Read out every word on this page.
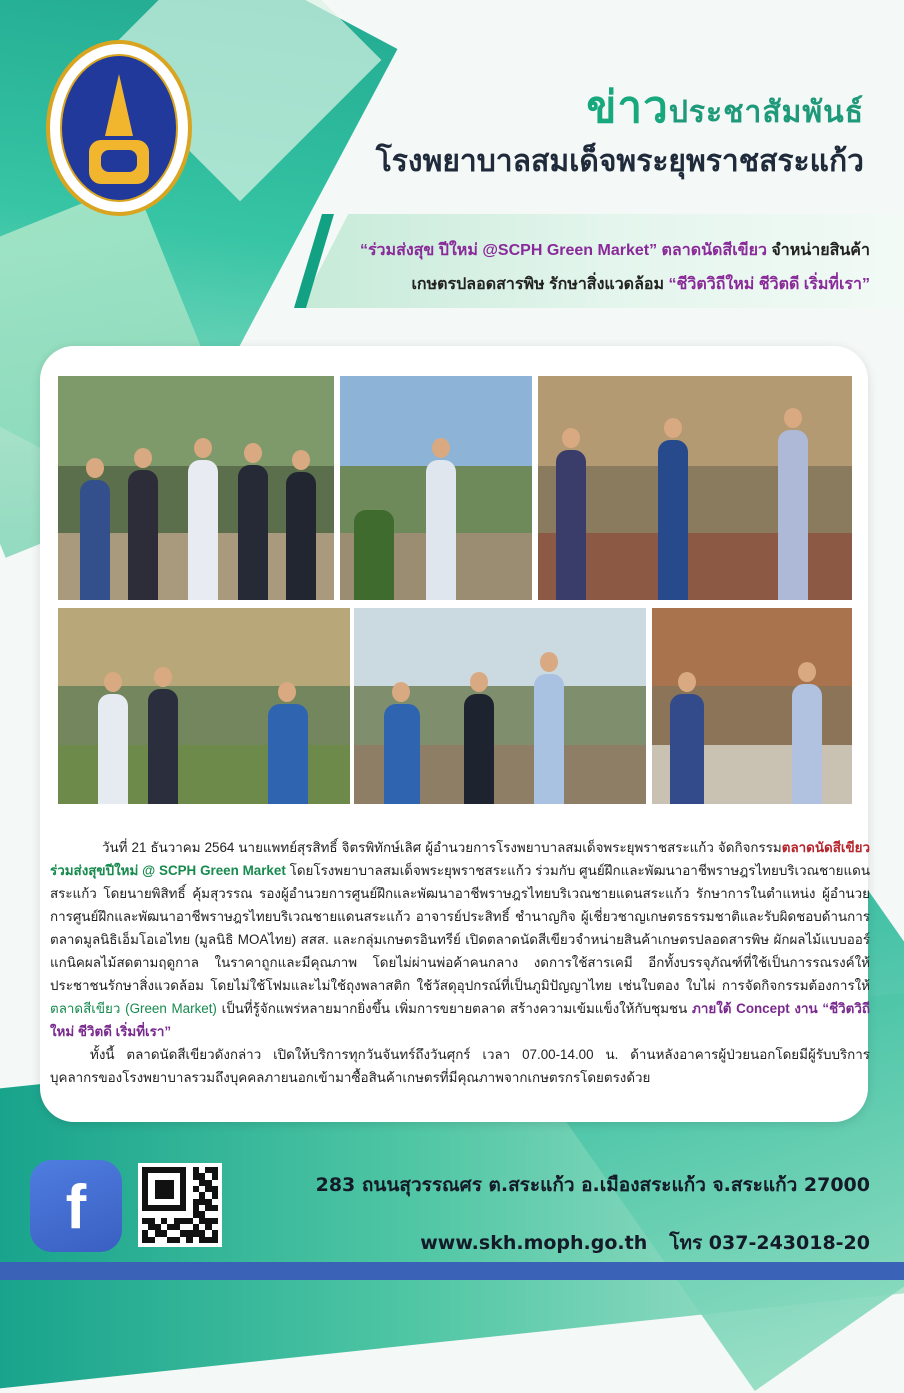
ข่าวประชาสัมพันธ์
โรงพยาบาลสมเด็จพระยุพราชสระแก้ว
“ร่วมส่งสุข ปีใหม่ @SCPH Green Market” ตลาดนัดสีเขียว จำหน่ายสินค้า
เกษตรปลอดสารพิษ รักษาสิ่งแวดล้อม “ชีวิตวิถีใหม่ ชีวิตดี เริ่มที่เรา”

วันที่ 21 ธันวาคม 2564 นายแพทย์สุรสิทธิ์ จิตรพิทักษ์เลิศ ผู้อำนวยการโรงพยาบาลสมเด็จพระยุพราชสระแก้ว จัดกิจกรรมตลาดนัดสีเขียว ร่วมส่งสุขปีใหม่ @ SCPH Green Market โดยโรงพยาบาลสมเด็จพระยุพราชสระแก้ว ร่วมกับ ศูนย์ฝึกและพัฒนาอาชีพราษฎรไทยบริเวณชายแดนสระแก้ว โดยนายพิสิทธิ์ คุ้มสุวรรณ รองผู้อำนวยการศูนย์ฝึกและพัฒนาอาชีพราษฎรไทยบริเวณชายแดนสระแก้ว รักษาการในตำแหน่ง ผู้อำนวยการศูนย์ฝึกและพัฒนาอาชีพราษฎรไทยบริเวณชายแดนสระแก้ว อาจารย์ประสิทธิ์ ชำนาญกิจ ผู้เชี่ยวชาญเกษตรธรรมชาติและรับผิดชอบด้านการตลาดมูลนิธิเอ็มโอเอไทย (มูลนิธิ MOAไทย) สสส. และกลุ่มเกษตรอินทรีย์ เปิดตลาดนัดสีเขียวจำหน่ายสินค้าเกษตรปลอดสารพิษ ผักผลไม้แบบออร์แกนิคผลไม้สดตามฤดูกาล ในราคาถูกและมีคุณภาพ โดยไม่ผ่านพ่อค้าคนกลาง งดการใช้สารเคมี อีกทั้งบรรจุภัณฑ์ที่ใช้เป็นการรณรงค์ให้ประชาชนรักษาสิ่งแวดล้อม โดยไม่ใช้โฟมและไม่ใช้ถุงพลาสติก ใช้วัสดุอุปกรณ์ที่เป็นภูมิปัญญาไทย เช่นใบตอง ใบไผ่ การจัดกิจกรรมต้องการให้ตลาดสีเขียว (Green Market) เป็นที่รู้จักแพร่หลายมากยิ่งขึ้น เพิ่มการขยายตลาด สร้างความเข้มแข็งให้กับชุมชน ภายใต้ Concept งาน “ชีวิตวิถีใหม่ ชีวิตดี เริ่มที่เรา”

ทั้งนี้ ตลาดนัดสีเขียวดังกล่าว เปิดให้บริการทุกวันจันทร์ถึงวันศุกร์ เวลา 07.00-14.00 น. ด้านหลังอาคารผู้ป่วยนอกโดยมีผู้รับบริการ บุคลากรของโรงพยาบาลรวมถึงบุคคลภายนอกเข้ามาซื้อสินค้าเกษตรที่มีคุณภาพจากเกษตรกรโดยตรงด้วย

f	283 ถนนสุวรรณศร ต.สระแก้ว อ.เมืองสระแก้ว จ.สระแก้ว 27000
www.skh.moph.go.th โทร 037-243018-20
